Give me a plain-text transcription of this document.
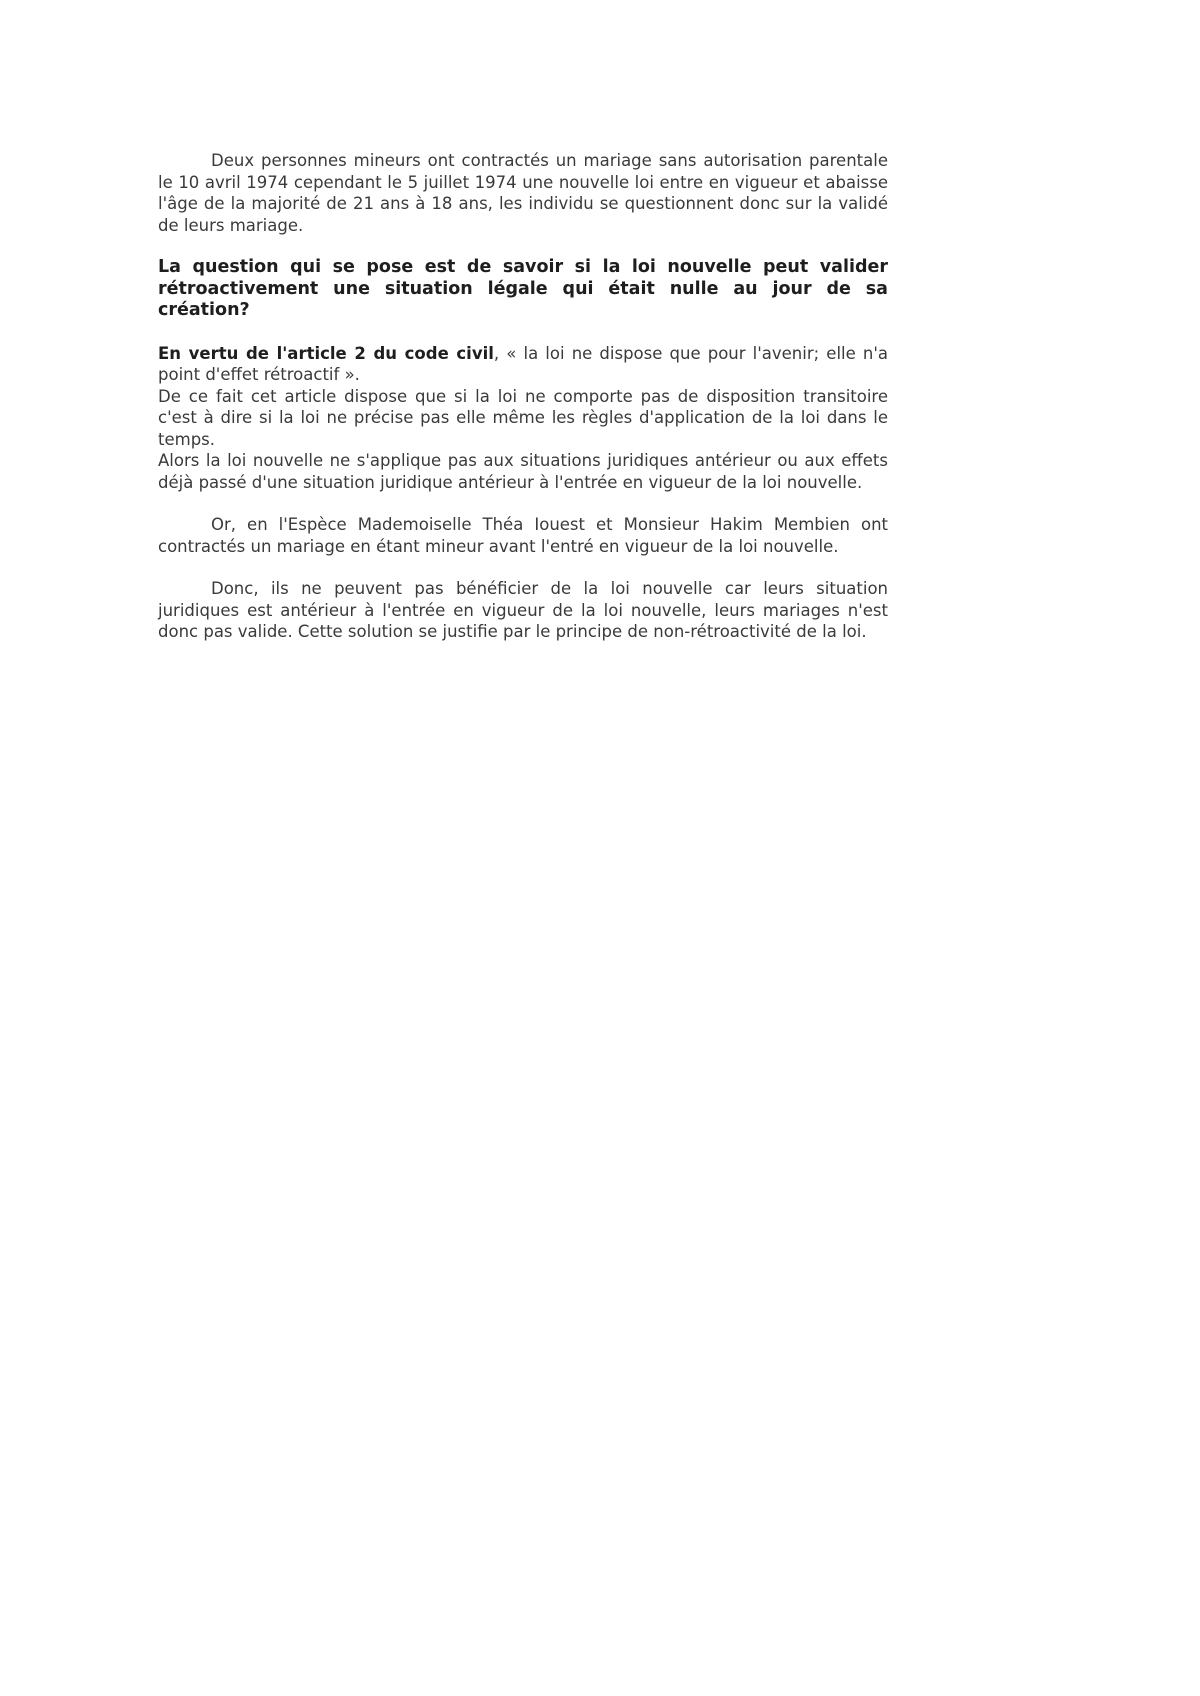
Deux personnes mineurs ont contractés un mariage sans autorisation parentale le 10 avril 1974 cependant le 5 juillet 1974 une nouvelle loi entre en vigueur et abaisse l'âge de la majorité de 21 ans à 18 ans, les individu se questionnent donc sur la validé de leurs mariage.

La question qui se pose est de savoir si la loi nouvelle peut valider rétroactivement une situation légale qui était nulle au jour de sa création?

En vertu de l'article 2 du code civil, « la loi ne dispose que pour l'avenir; elle n'a point d'effet rétroactif ».

De ce fait cet article dispose que si la loi ne comporte pas de disposition transitoire c'est à dire si la loi ne précise pas elle même les règles d'application de la loi dans le temps.

Alors la loi nouvelle ne s'applique pas aux situations juridiques antérieur ou aux effets déjà passé d'une situation juridique antérieur à l'entrée en vigueur de la loi nouvelle.

Or, en l'Espèce Mademoiselle Théa Iouest et Monsieur Hakim Membien ont contractés un mariage en étant mineur avant l'entré en vigueur de la loi nouvelle.

Donc, ils ne peuvent pas bénéficier de la loi nouvelle car leurs situation juridiques est antérieur à l'entrée en vigueur de la loi nouvelle, leurs mariages n'est donc pas valide. Cette solution se justifie par le principe de non-rétroactivité de la loi.
